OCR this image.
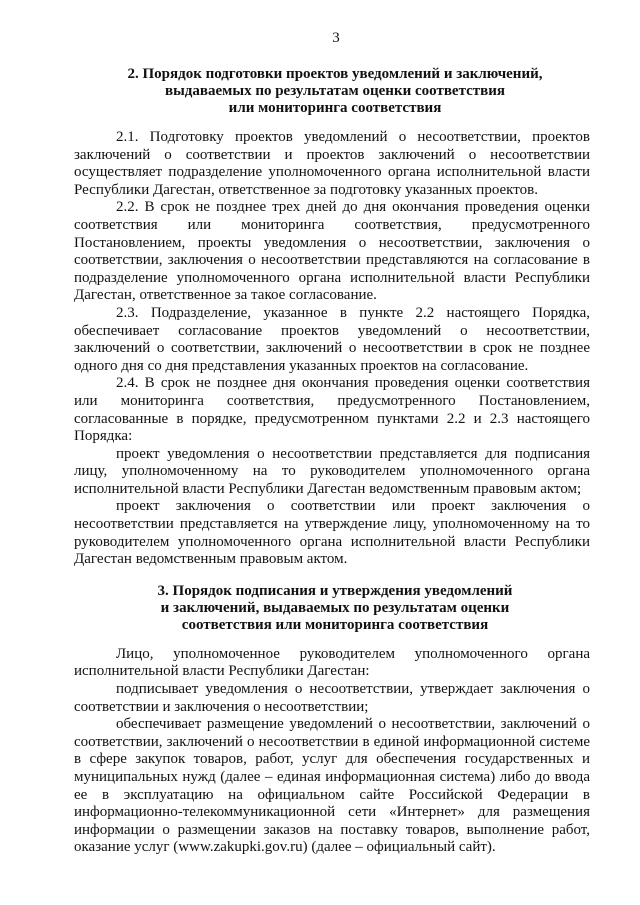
3
2. Порядок подготовки проектов уведомлений и заключений,
выдаваемых по результатам оценки соответствия
или мониторинга соответствия

2.1. Подготовку проектов уведомлений о несоответствии, проектов заключений о соответствии и проектов заключений о несоответствии осуществляет подразделение уполномоченного органа исполнительной власти Республики Дагестан, ответственное за подготовку указанных проектов.

2.2. В срок не позднее трех дней до дня окончания проведения оценки соответствия или мониторинга соответствия, предусмотренного Постановлением, проекты уведомления о несоответствии, заключения о соответствии, заключения о несоответствии представляются на согласование в подразделение уполномоченного органа исполнительной власти Республики Дагестан, ответственное за такое согласование.

2.3. Подразделение, указанное в пункте 2.2 настоящего Порядка, обеспечивает согласование проектов уведомлений о несоответствии, заключений о соответствии, заключений о несоответствии в срок не позднее одного дня со дня представления указанных проектов на согласование.

2.4. В срок не позднее дня окончания проведения оценки соответствия или мониторинга соответствия, предусмотренного Постановлением, согласованные в порядке, предусмотренном пунктами 2.2 и 2.3 настоящего Порядка:

проект уведомления о несоответствии представляется для подписания лицу, уполномоченному на то руководителем уполномоченного органа исполнительной власти Республики Дагестан ведомственным правовым актом;

проект заключения о соответствии или проект заключения о несоответствии представляется на утверждение лицу, уполномоченному на то руководителем уполномоченного органа исполнительной власти Республики Дагестан ведомственным правовым актом.

3. Порядок подписания и утверждения уведомлений
и заключений, выдаваемых по результатам оценки
соответствия или мониторинга соответствия

Лицо, уполномоченное руководителем уполномоченного органа исполнительной власти Республики Дагестан:

подписывает уведомления о несоответствии, утверждает заключения о соответствии и заключения о несоответствии;

обеспечивает размещение уведомлений о несоответствии, заключений о соответствии, заключений о несоответствии в единой информационной системе в сфере закупок товаров, работ, услуг для обеспечения государственных и муниципальных нужд (далее – единая информационная система) либо до ввода ее в эксплуатацию на официальном сайте Российской Федерации в информационно-телекоммуникационной сети «Интернет» для размещения информации о размещении заказов на поставку товаров, выполнение работ, оказание услуг (www.zakupki.gov.ru) (далее – официальный сайт).
